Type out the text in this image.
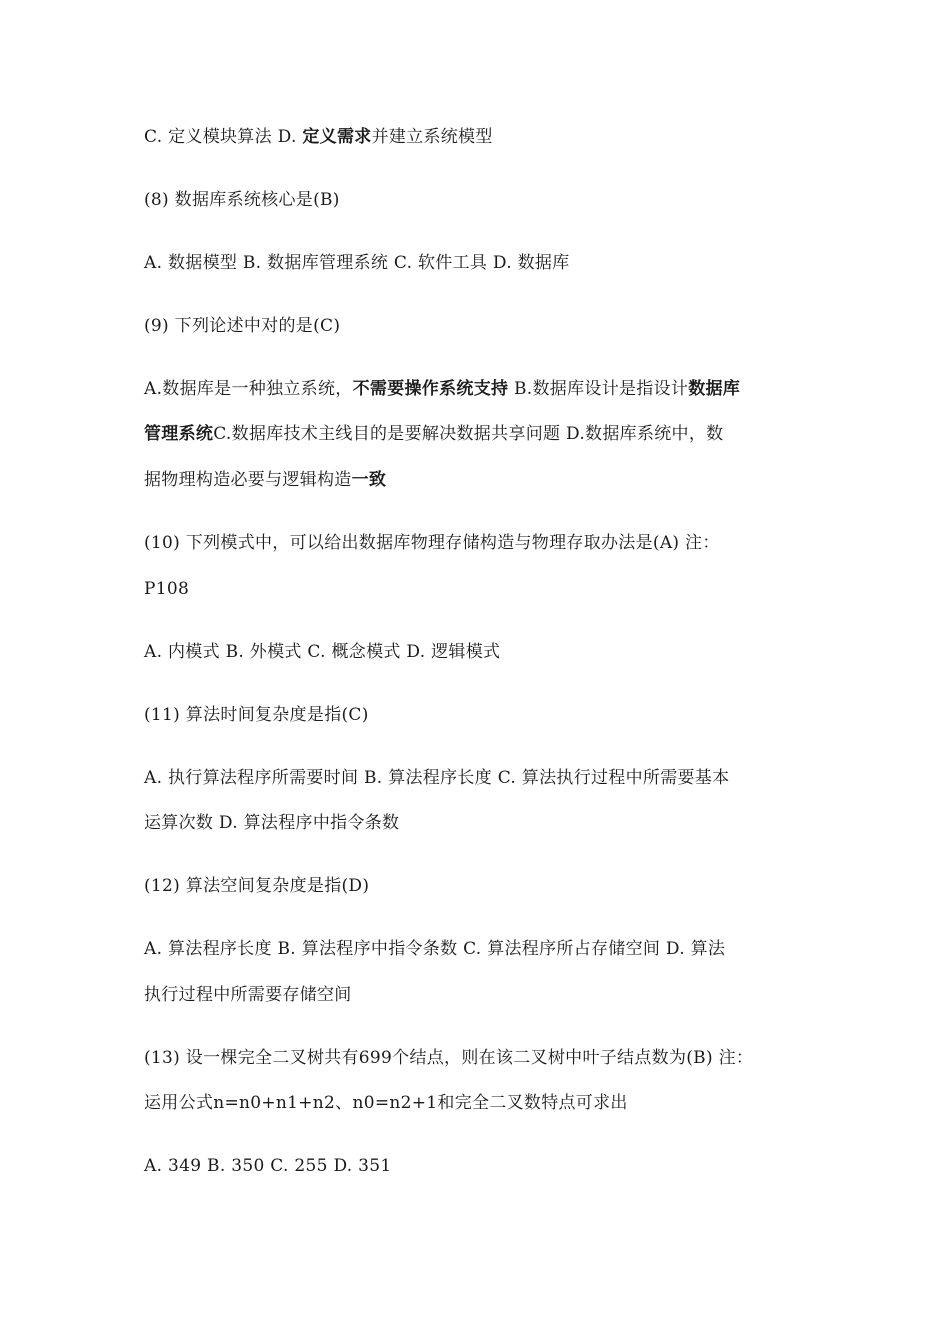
C. 定义模块算法 D. 定义需求并建立系统模型
(8) 数据库系统核心是(B)
A. 数据模型 B. 数据库管理系统 C. 软件工具 D. 数据库
(9) 下列论述中对的是(C)
A.数据库是一种独立系统，不需要操作系统支持 B.数据库设计是指设计数据库
管理系统C.数据库技术主线目的是要解决数据共享问题 D.数据库系统中，数
据物理构造必要与逻辑构造一致
(10) 下列模式中，可以给出数据库物理存储构造与物理存取办法是(A) 注：
P108
A. 内模式 B. 外模式 C. 概念模式 D. 逻辑模式
(11) 算法时间复杂度是指(C)
A. 执行算法程序所需要时间 B. 算法程序长度 C. 算法执行过程中所需要基本
运算次数 D. 算法程序中指令条数
(12) 算法空间复杂度是指(D)
A. 算法程序长度 B. 算法程序中指令条数 C. 算法程序所占存储空间 D. 算法
执行过程中所需要存储空间
(13) 设一棵完全二叉树共有699个结点，则在该二叉树中叶子结点数为(B) 注：
运用公式n=n0+n1+n2、n0=n2+1和完全二叉数特点可求出
A. 349 B. 350 C. 255 D. 351
